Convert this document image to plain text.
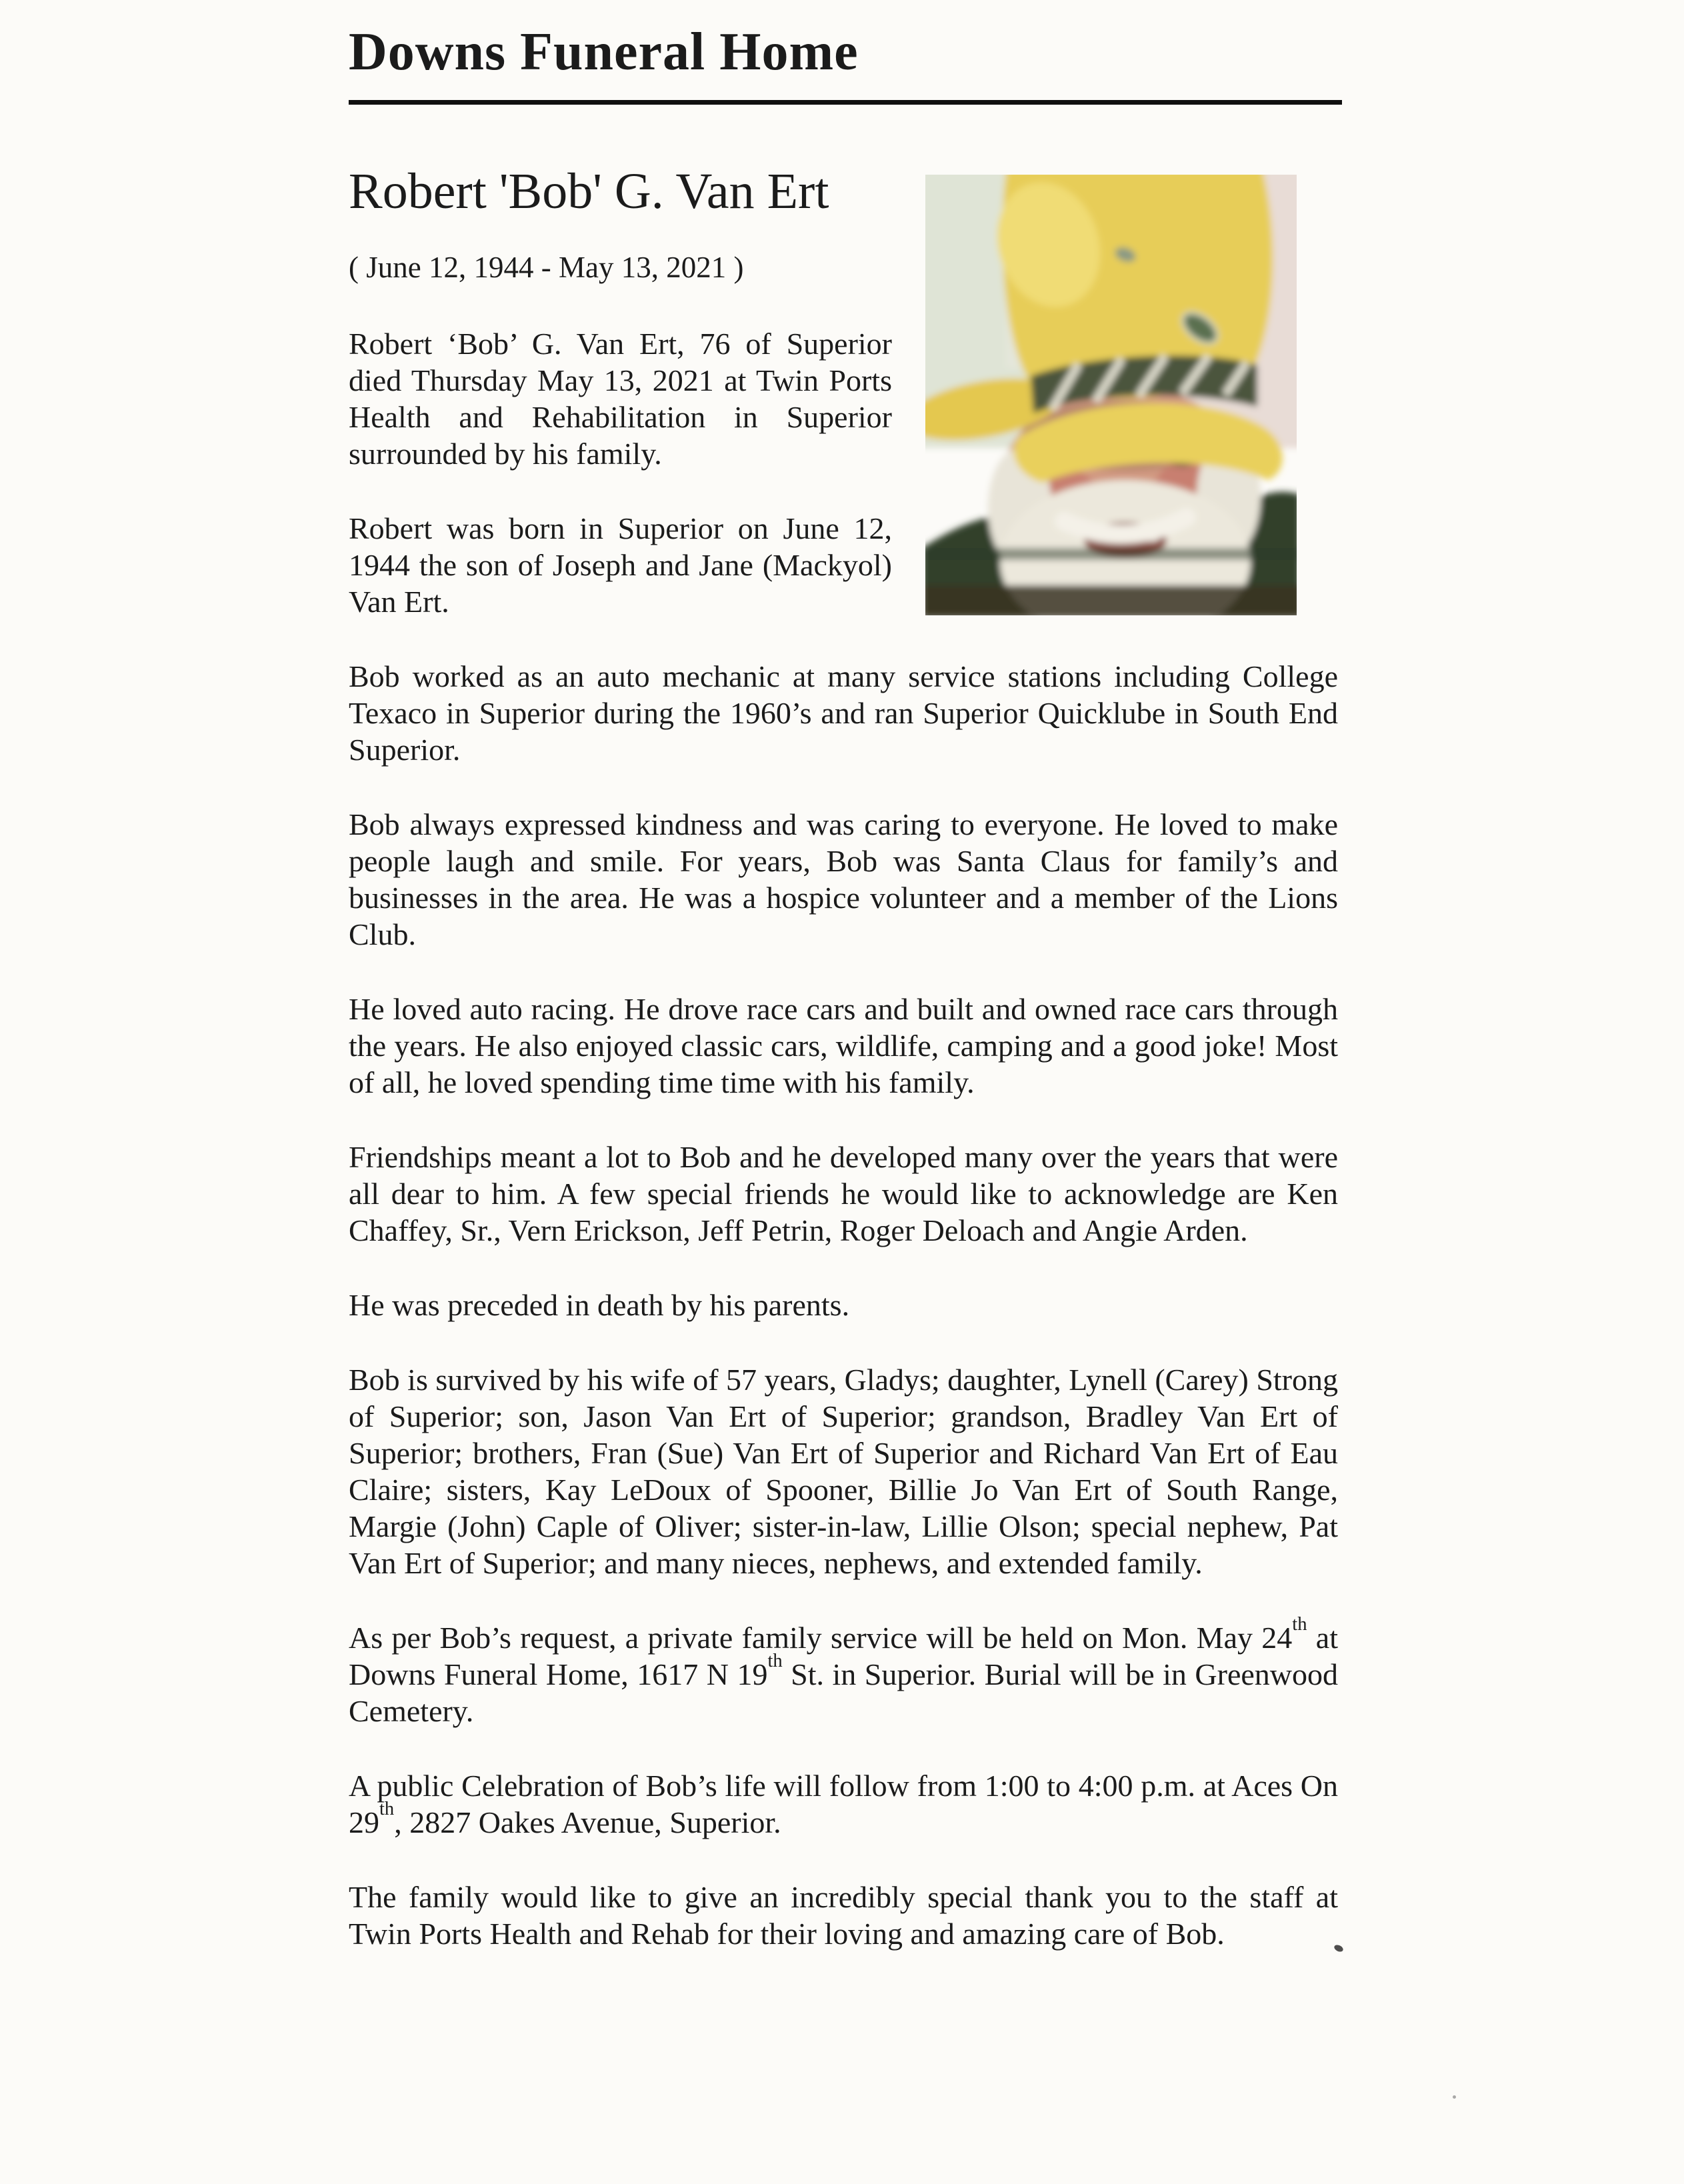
Downs Funeral Home
Robert 'Bob' G. Van Ert
( June 12, 1944 - May 13, 2021 )

Robert ‘Bob’ G. Van Ert, 76 of Superior died Thursday May 13, 2021 at Twin Ports Health and Rehabilitation in Superior surrounded by his family.

Robert was born in Superior on June 12, 1944 the son of Joseph and Jane (Mackyol) Van Ert.

Bob worked as an auto mechanic at many service stations including College Texaco in Superior during the 1960’s and ran Superior Quicklube in South End Superior.

Bob always expressed kindness and was caring to everyone. He loved to make people laugh and smile. For years, Bob was Santa Claus for family’s and businesses in the area. He was a hospice volunteer and a member of the Lions Club.

He loved auto racing. He drove race cars and built and owned race cars through the years. He also enjoyed classic cars, wildlife, camping and a good joke! Most of all, he loved spending time time with his family.

Friendships meant a lot to Bob and he developed many over the years that were all dear to him. A few special friends he would like to acknowledge are Ken Chaffey, Sr., Vern Erickson, Jeff Petrin, Roger Deloach and Angie Arden.

He was preceded in death by his parents.

Bob is survived by his wife of 57 years, Gladys; daughter, Lynell (Carey) Strong of Superior; son, Jason Van Ert of Superior; grandson, Bradley Van Ert of Superior; brothers, Fran (Sue) Van Ert of Superior and Richard Van Ert of Eau Claire; sisters, Kay LeDoux of Spooner, Billie Jo Van Ert of South Range, Margie (John) Caple of Oliver; sister-in-law, Lillie Olson; special nephew, Pat Van Ert of Superior; and many nieces, nephews, and extended family.

As per Bob’s request, a private family service will be held on Mon. May 24th at Downs Funeral Home, 1617 N 19th St. in Superior. Burial will be in Greenwood Cemetery.

A public Celebration of Bob’s life will follow from 1:00 to 4:00 p.m. at Aces On 29th, 2827 Oakes Avenue, Superior.

The family would like to give an incredibly special thank you to the staff at Twin Ports Health and Rehab for their loving and amazing care of Bob.
